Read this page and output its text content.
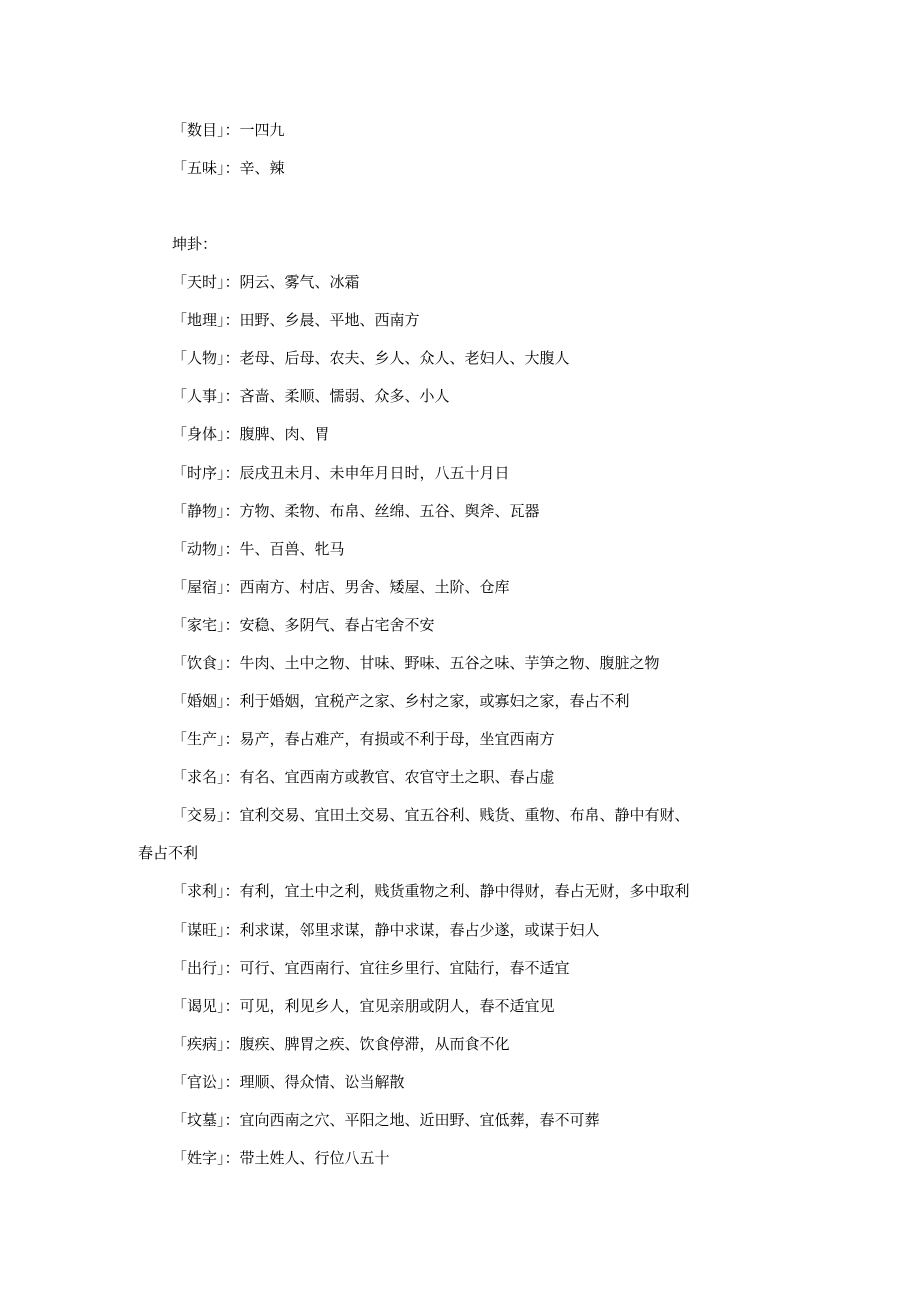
「数目」：一四九
「五味」：辛、辣
坤卦：
「天时」：阴云、雾气、冰霜
「地理」：田野、乡晨、平地、西南方
「人物」：老母、后母、农夫、乡人、众人、老妇人、大腹人
「人事」：吝啬、柔顺、懦弱、众多、小人
「身体」：腹脾、肉、胃
「时序」：辰戌丑未月、未申年月日时，八五十月日
「静物」：方物、柔物、布帛、丝绵、五谷、舆斧、瓦器
「动物」：牛、百兽、牝马
「屋宿」：西南方、村店、男舍、矮屋、土阶、仓库
「家宅」：安稳、多阴气、春占宅舍不安
「饮食」：牛肉、土中之物、甘味、野味、五谷之味、芋笋之物、腹脏之物
「婚姻」：利于婚姻，宜税产之家、乡村之家，或寡妇之家，春占不利
「生产」：易产，春占难产，有损或不利于母，坐宜西南方
「求名」：有名、宜西南方或教官、农官守土之职、春占虚
「交易」：宜利交易、宜田土交易、宜五谷利、贱货、重物、布帛、静中有财、
春占不利
「求利」：有利，宜土中之利，贱货重物之利、静中得财，春占无财，多中取利
「谋旺」：利求谋，邻里求谋，静中求谋，春占少遂，或谋于妇人
「出行」：可行、宜西南行、宜往乡里行、宜陆行，春不适宜
「谒见」：可见，利见乡人，宜见亲朋或阴人，春不适宜见
「疾病」：腹疾、脾胃之疾、饮食停滞，从而食不化
「官讼」：理顺、得众情、讼当解散
「坟墓」：宜向西南之穴、平阳之地、近田野、宜低葬，春不可葬
「姓字」：带土姓人、行位八五十
